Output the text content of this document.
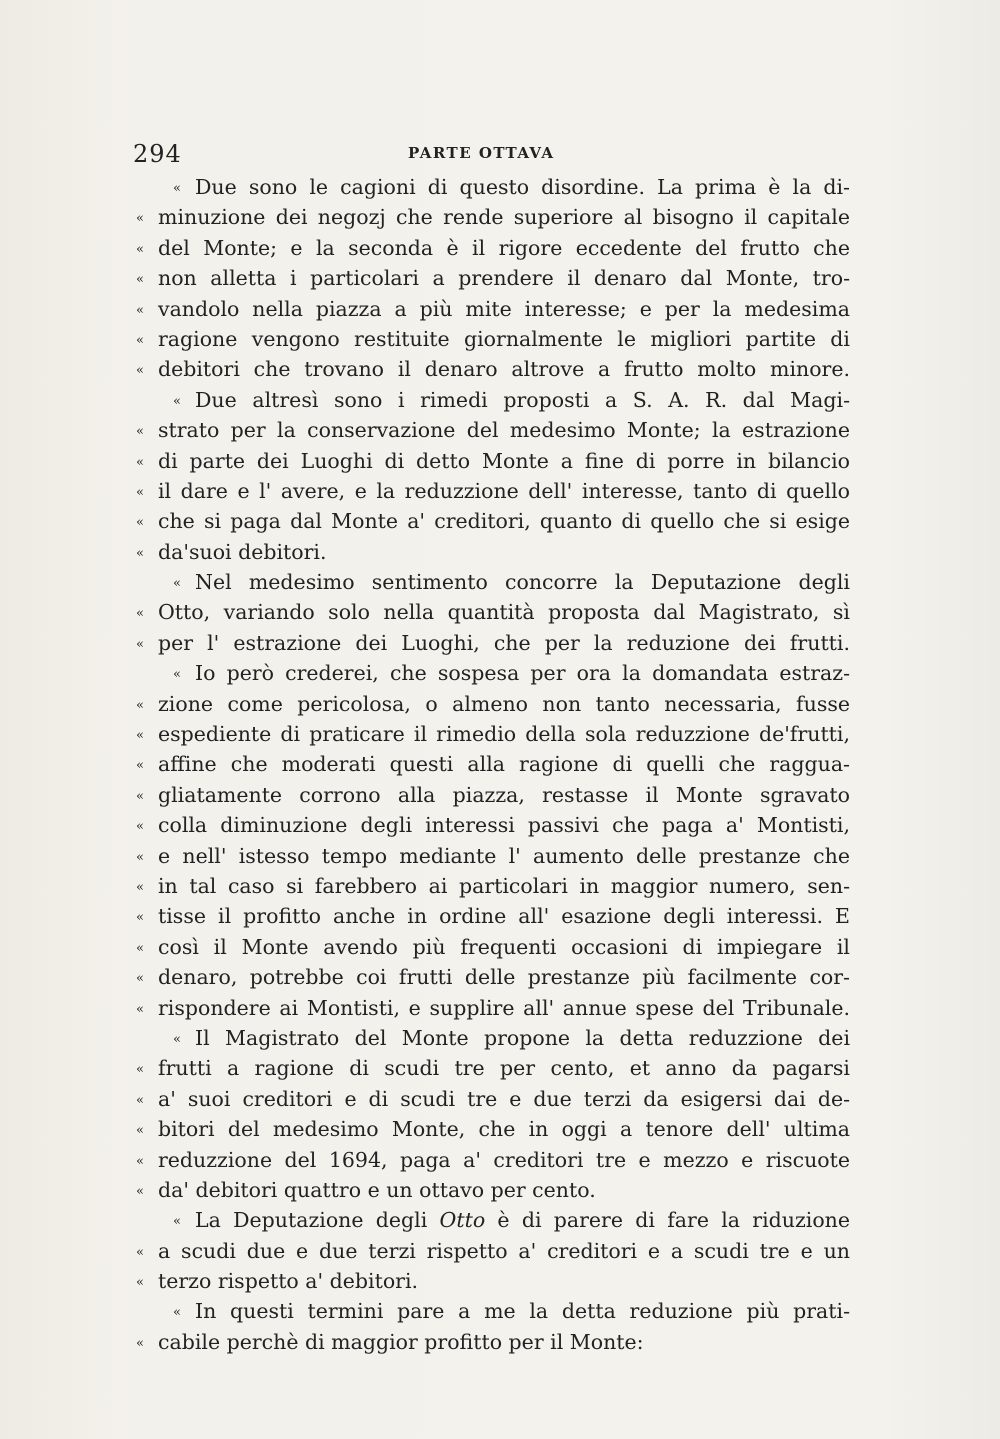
294	PARTE OTTAVA
« Due sono le cagioni di questo disordine. La prima è la di-
« minuzione dei negozj che rende superiore al bisogno il capitale
« del Monte; e la seconda è il rigore eccedente del frutto che
« non alletta i particolari a prendere il denaro dal Monte, tro-
« vandolo nella piazza a più mite interesse; e per la medesima
« ragione vengono restituite giornalmente le migliori partite di
« debitori che trovano il denaro altrove a frutto molto minore.
« Due altresì sono i rimedi proposti a S. A. R. dal Magi-
« strato per la conservazione del medesimo Monte; la estrazione
« di parte dei Luoghi di detto Monte a fine di porre in bilancio
« il dare e l' avere, e la reduzzione dell' interesse, tanto di quello
« che si paga dal Monte a' creditori, quanto di quello che si esige
« da'suoi debitori.
« Nel medesimo sentimento concorre la Deputazione degli
« Otto, variando solo nella quantità proposta dal Magistrato, sì
« per l' estrazione dei Luoghi, che per la reduzione dei frutti.
« Io però crederei, che sospesa per ora la domandata estraz-
« zione come pericolosa, o almeno non tanto necessaria, fusse
« espediente di praticare il rimedio della sola reduzzione de'frutti,
« affine che moderati questi alla ragione di quelli che raggua-
« gliatamente corrono alla piazza, restasse il Monte sgravato
« colla diminuzione degli interessi passivi che paga a' Montisti,
« e nell' istesso tempo mediante l' aumento delle prestanze che
« in tal caso si farebbero ai particolari in maggior numero, sen-
« tisse il profitto anche in ordine all' esazione degli interessi. E
« così il Monte avendo più frequenti occasioni di impiegare il
« denaro, potrebbe coi frutti delle prestanze più facilmente cor-
« rispondere ai Montisti, e supplire all' annue spese del Tribunale.
« Il Magistrato del Monte propone la detta reduzzione dei
« frutti a ragione di scudi tre per cento, et anno da pagarsi
« a' suoi creditori e di scudi tre e due terzi da esigersi dai de-
« bitori del medesimo Monte, che in oggi a tenore dell' ultima
« reduzzione del 1694, paga a' creditori tre e mezzo e riscuote
« da' debitori quattro e un ottavo per cento.
« La Deputazione degli Otto è di parere di fare la riduzione
« a scudi due e due terzi rispetto a' creditori e a scudi tre e un
« terzo rispetto a' debitori.
« In questi termini pare a me la detta reduzione più prati-
« cabile perchè di maggior profitto per il Monte:
